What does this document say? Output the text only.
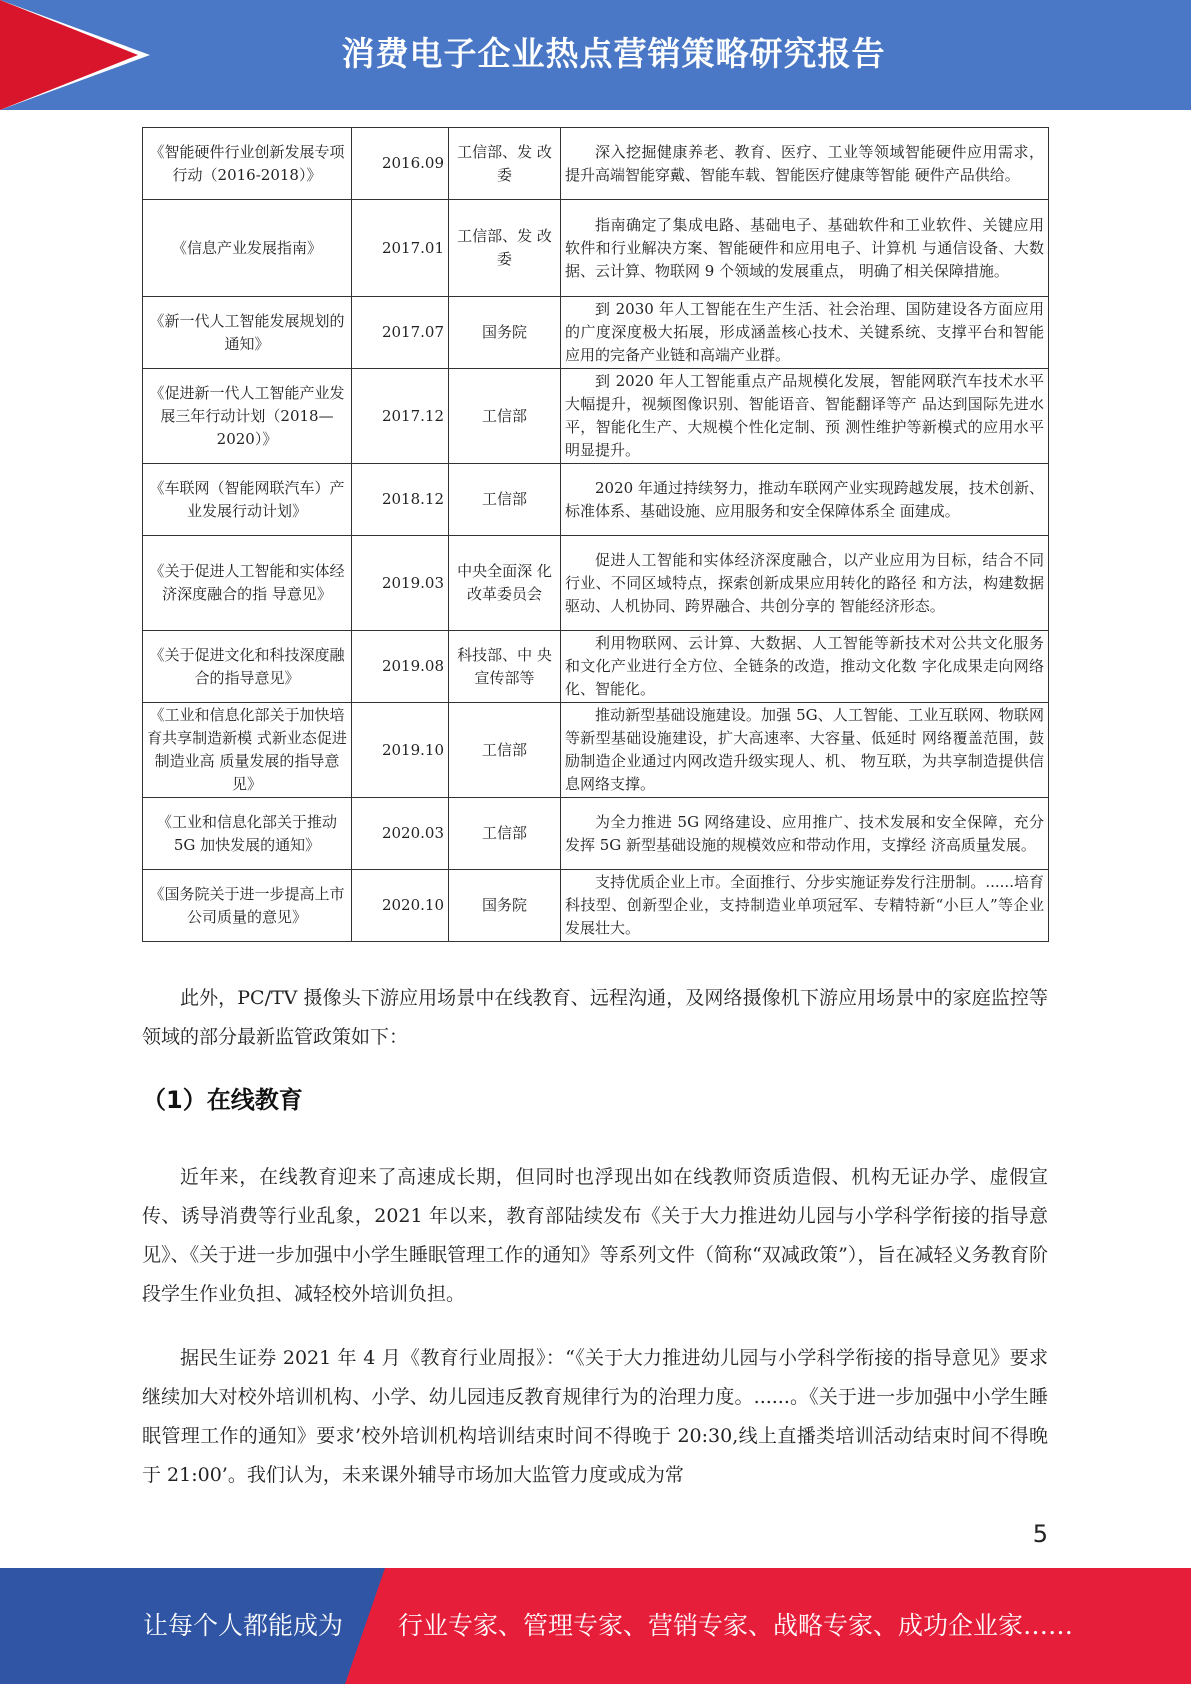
消费电子企业热点营销策略研究报告
《智能硬件行业创新发展专项行动（2016-2018）》	2016.09	工信部、发 改委	深入挖掘健康养老、教育、医疗、工业等领域智能硬件应用需求，提升高端智能穿戴、智能车载、智能医疗健康等智能 硬件产品供给。
《信息产业发展指南》	2017.01	工信部、发 改委	指南确定了集成电路、基础电子、基础软件和工业软件、关键应用软件和行业解决方案、智能硬件和应用电子、计算机 与通信设备、大数据、云计算、物联网 9 个领域的发展重点， 明确了相关保障措施。
《新一代人工智能发展规划的通知》	2017.07	国务院	到 2030 年人工智能在生产生活、社会治理、国防建设各方面应用的广度深度极大拓展，形成涵盖核心技术、关键系统、支撑平台和智能应用的完备产业链和高端产业群。
《促进新一代人工智能产业发展三年行动计划（2018—2020）》	2017.12	工信部	到 2020 年人工智能重点产品规模化发展，智能网联汽车技术水平大幅提升，视频图像识别、智能语音、智能翻译等产 品达到国际先进水平，智能化生产、大规模个性化定制、预 测性维护等新模式的应用水平明显提升。
《车联网（智能网联汽车）产业发展行动计划》	2018.12	工信部	2020 年通过持续努力，推动车联网产业实现跨越发展，技术创新、标准体系、基础设施、应用服务和安全保障体系全 面建成。
《关于促进人工智能和实体经济深度融合的指 导意见》	2019.03	中央全面深 化改革委员会	促进人工智能和实体经济深度融合，以产业应用为目标，结合不同行业、不同区域特点，探索创新成果应用转化的路径 和方法，构建数据驱动、人机协同、跨界融合、共创分享的 智能经济形态。
《关于促进文化和科技深度融合的指导意见》	2019.08	科技部、中 央宣传部等	利用物联网、云计算、大数据、人工智能等新技术对公共文化服务和文化产业进行全方位、全链条的改造，推动文化数 字化成果走向网络化、智能化。
《工业和信息化部关于加快培育共享制造新模 式新业态促进制造业高 质量发展的指导意见》	2019.10	工信部	推动新型基础设施建设。加强 5G、人工智能、工业互联网、物联网等新型基础设施建设，扩大高速率、大容量、低延时 网络覆盖范围，鼓励制造企业通过内网改造升级实现人、机、 物互联，为共享制造提供信息网络支撑。
《工业和信息化部关于推动 5G 加快发展的通知》	2020.03	工信部	为全力推进 5G 网络建设、应用推广、技术发展和安全保障，充分发挥 5G 新型基础设施的规模效应和带动作用，支撑经 济高质量发展。
《国务院关于进一步提高上市公司质量的意见》	2020.10	国务院	支持优质企业上市。全面推行、分步实施证券发行注册制。......培育科技型、创新型企业，支持制造业单项冠军、专精特新“小巨人”等企业发展壮大。

此外，PC/TV 摄像头下游应用场景中在线教育、远程沟通，及网络摄像机下游应用场景中的家庭监控等领域的部分最新监管政策如下：

（1）在线教育

近年来，在线教育迎来了高速成长期，但同时也浮现出如在线教师资质造假、机构无证办学、虚假宣传、诱导消费等行业乱象，2021 年以来，教育部陆续发布《关于大力推进幼儿园与小学科学衔接的指导意见》、《关于进一步加强中小学生睡眠管理工作的通知》等系列文件（简称“双减政策”），旨在减轻义务教育阶段学生作业负担、减轻校外培训负担。

据民生证券 2021 年 4 月《教育行业周报》：“《关于大力推进幼儿园与小学科学衔接的指导意见》要求继续加大对校外培训机构、小学、幼儿园违反教育规律行为的治理力度。......。《关于进一步加强中小学生睡眠管理工作的通知》要求’校外培训机构培训结束时间不得晚于 20:30,线上直播类培训活动结束时间不得晚于 21:00’。我们认为，未来课外辅导市场加大监管力度或成为常

5
让每个人都能成为 行业专家、管理专家、营销专家、战略专家、成功企业家……
